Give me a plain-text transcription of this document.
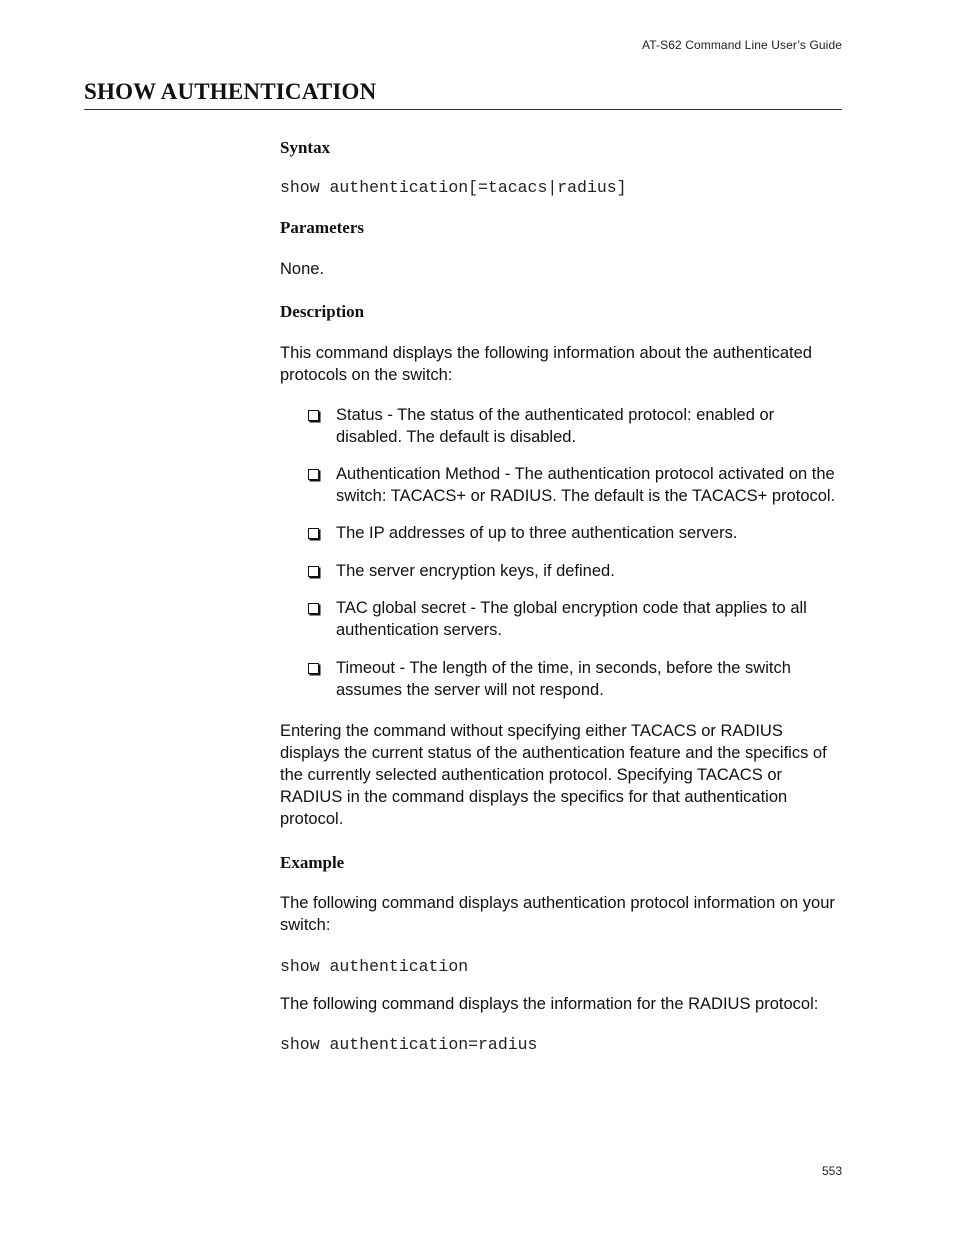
AT-S62 Command Line User’s Guide
SHOW AUTHENTICATION
Syntax

show authentication[=tacacs|radius]

Parameters

None.

Description

This command displays the following information about the authenticated protocols on the switch:

Status - The status of the authenticated protocol: enabled or disabled. The default is disabled.
Authentication Method - The authentication protocol activated on the switch: TACACS+ or RADIUS. The default is the TACACS+ protocol.
The IP addresses of up to three authentication servers.
The server encryption keys, if defined.
TAC global secret - The global encryption code that applies to all authentication servers.
Timeout - The length of the time, in seconds, before the switch assumes the server will not respond.

Entering the command without specifying either TACACS or RADIUS displays the current status of the authentication feature and the specifics of the currently selected authentication protocol. Specifying TACACS or RADIUS in the command displays the specifics for that authentication protocol.

Example

The following command displays authentication protocol information on your switch:

show authentication

The following command displays the information for the RADIUS protocol:

show authentication=radius

553
